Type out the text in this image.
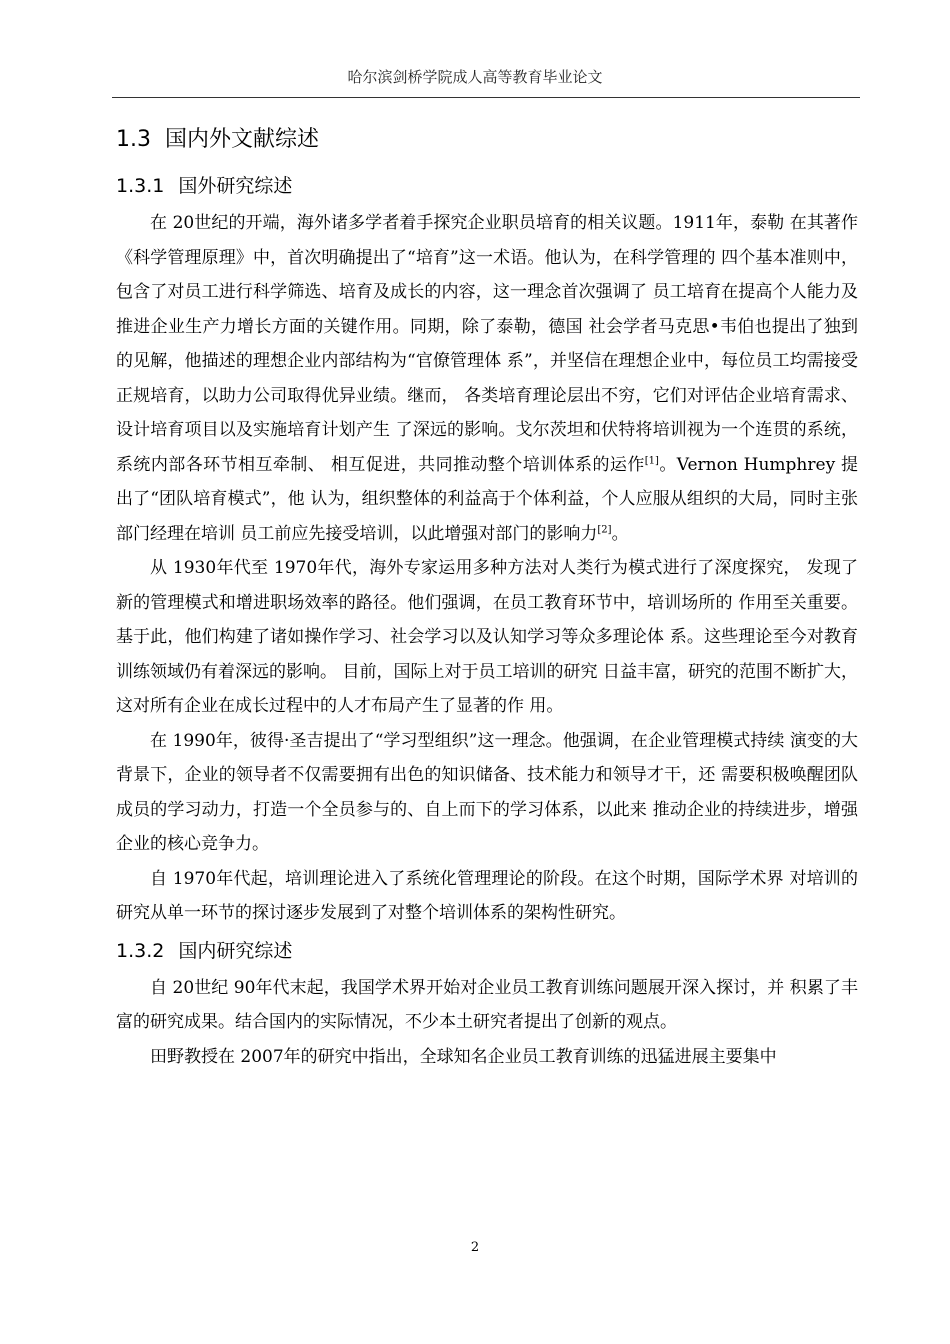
哈尔滨剑桥学院成人高等教育毕业论文
1.3 国内外文献综述
1.3.1 国外研究综述

在 20世纪的开端，海外诸多学者着手探究企业职员培育的相关议题。1911年，泰勒 在其著作《科学管理原理》中，首次明确提出了“培育”这一术语。他认为，在科学管理的 四个基本准则中，包含了对员工进行科学筛选、培育及成长的内容，这一理念首次强调了 员工培育在提高个人能力及推进企业生产力增长方面的关键作用。同期，除了泰勒，德国 社会学者马克思•韦伯也提出了独到的见解，他描述的理想企业内部结构为“官僚管理体 系”，并坚信在理想企业中，每位员工均需接受正规培育，以助力公司取得优异业绩。继而， 各类培育理论层出不穷，它们对评估企业培育需求、设计培育项目以及实施培育计划产生 了深远的影响。戈尔茨坦和伏特将培训视为一个连贯的系统，系统内部各环节相互牵制、 相互促进，共同推动整个培训体系的运作[1]。Vernon Humphrey 提出了“团队培育模式”，他 认为，组织整体的利益高于个体利益，个人应服从组织的大局，同时主张部门经理在培训 员工前应先接受培训，以此增强对部门的影响力[2]。

从 1930年代至 1970年代，海外专家运用多种方法对人类行为模式进行了深度探究， 发现了新的管理模式和增进职场效率的路径。他们强调，在员工教育环节中，培训场所的 作用至关重要。基于此，他们构建了诸如操作学习、社会学习以及认知学习等众多理论体 系。这些理论至今对教育训练领域仍有着深远的影响。 目前，国际上对于员工培训的研究 日益丰富，研究的范围不断扩大，这对所有企业在成长过程中的人才布局产生了显著的作 用。

在 1990年，彼得·圣吉提出了“学习型组织”这一理念。他强调，在企业管理模式持续 演变的大背景下，企业的领导者不仅需要拥有出色的知识储备、技术能力和领导才干，还 需要积极唤醒团队成员的学习动力，打造一个全员参与的、自上而下的学习体系，以此来 推动企业的持续进步，增强企业的核心竞争力。

自 1970年代起，培训理论进入了系统化管理理论的阶段。在这个时期，国际学术界 对培训的研究从单一环节的探讨逐步发展到了对整个培训体系的架构性研究。

1.3.2 国内研究综述

自 20世纪 90年代末起，我国学术界开始对企业员工教育训练问题展开深入探讨，并 积累了丰富的研究成果。结合国内的实际情况，不少本土研究者提出了创新的观点。

田野教授在 2007年的研究中指出，全球知名企业员工教育训练的迅猛进展主要集中

2
